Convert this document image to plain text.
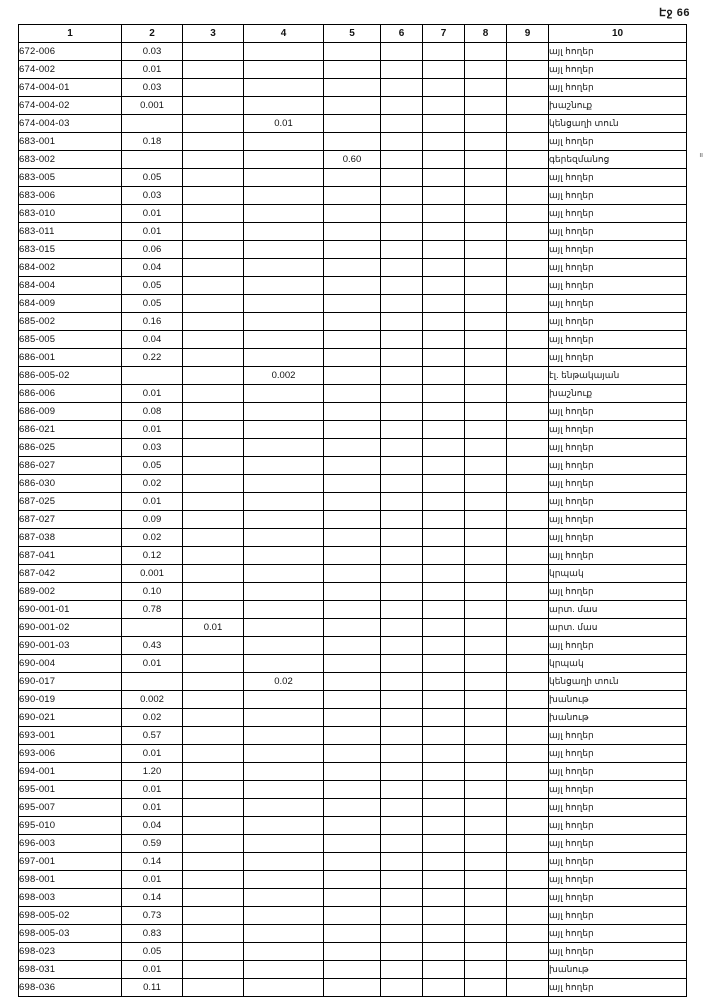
Էջ 66
וו
1	2	3	4	5	6	7	8	9	10
672-006	0.03								այլ հողեր
674-002	0.01								այլ հողեր
674-004-01	0.03								այլ հողեր
674-004-02	0.001								խաշնուք
674-004-03			0.01						կենցաղի տուն
683-001	0.18								այլ հողեր
683-002				0.60					գերեզմանոց
683-005	0.05								այլ հողեր
683-006	0.03								այլ հողեր
683-010	0.01								այլ հողեր
683-011	0.01								այլ հողեր
683-015	0.06								այլ հողեր
684-002	0.04								այլ հողեր
684-004	0.05								այլ հողեր
684-009	0.05								այլ հողեր
685-002	0.16								այլ հողեր
685-005	0.04								այլ հողեր
686-001	0.22								այլ հողեր
686-005-02			0.002						էլ. ենթակայան
686-006	0.01								խաշնուք
686-009	0.08								այլ հողեր
686-021	0.01								այլ հողեր
686-025	0.03								այլ հողեր
686-027	0.05								այլ հողեր
686-030	0.02								այլ հողեր
687-025	0.01								այլ հողեր
687-027	0.09								այլ հողեր
687-038	0.02								այլ հողեր
687-041	0.12								այլ հողեր
687-042	0.001								կրպակ
689-002	0.10								այլ հողեր
690-001-01	0.78								արտ. մաս
690-001-02		0.01							արտ. մաս
690-001-03	0.43								այլ հողեր
690-004	0.01								կրպակ
690-017			0.02						կենցաղի տուն
690-019	0.002								խանութ
690-021	0.02								խանութ
693-001	0.57								այլ հողեր
693-006	0.01								այլ հողեր
694-001	1.20								այլ հողեր
695-001	0.01								այլ հողեր
695-007	0.01								այլ հողեր
695-010	0.04								այլ հողեր
696-003	0.59								այլ հողեր
697-001	0.14								այլ հողեր
698-001	0.01								այլ հողեր
698-003	0.14								այլ հողեր
698-005-02	0.73								այլ հողեր
698-005-03	0.83								այլ հողեր
698-023	0.05								այլ հողեր
698-031	0.01								խանութ
698-036	0.11								այլ հողեր
